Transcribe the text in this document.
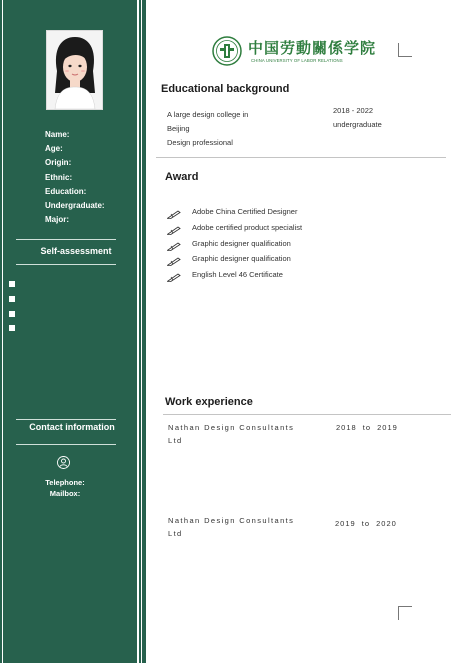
Name:
Age:
Origin:
Ethnic:
Education:
Undergraduate:
Major:
Self-assessment
Contact information
Telephone:
Mailbox:
中国劳動關係学院
CHINA UNIVERSITY OF LABOR RELATIONS
Educational background
A large design college in
Beijing
Design professional
2018 - 2022
undergraduate
Award
Adobe China Certified Designer
Adobe certified product specialist
Graphic designer qualification
Graphic designer qualification
English Level 46 Certificate
Work experience
Nathan Design Consultants
Ltd
2018 to 2019
Nathan Design Consultants
Ltd
2019 to 2020
